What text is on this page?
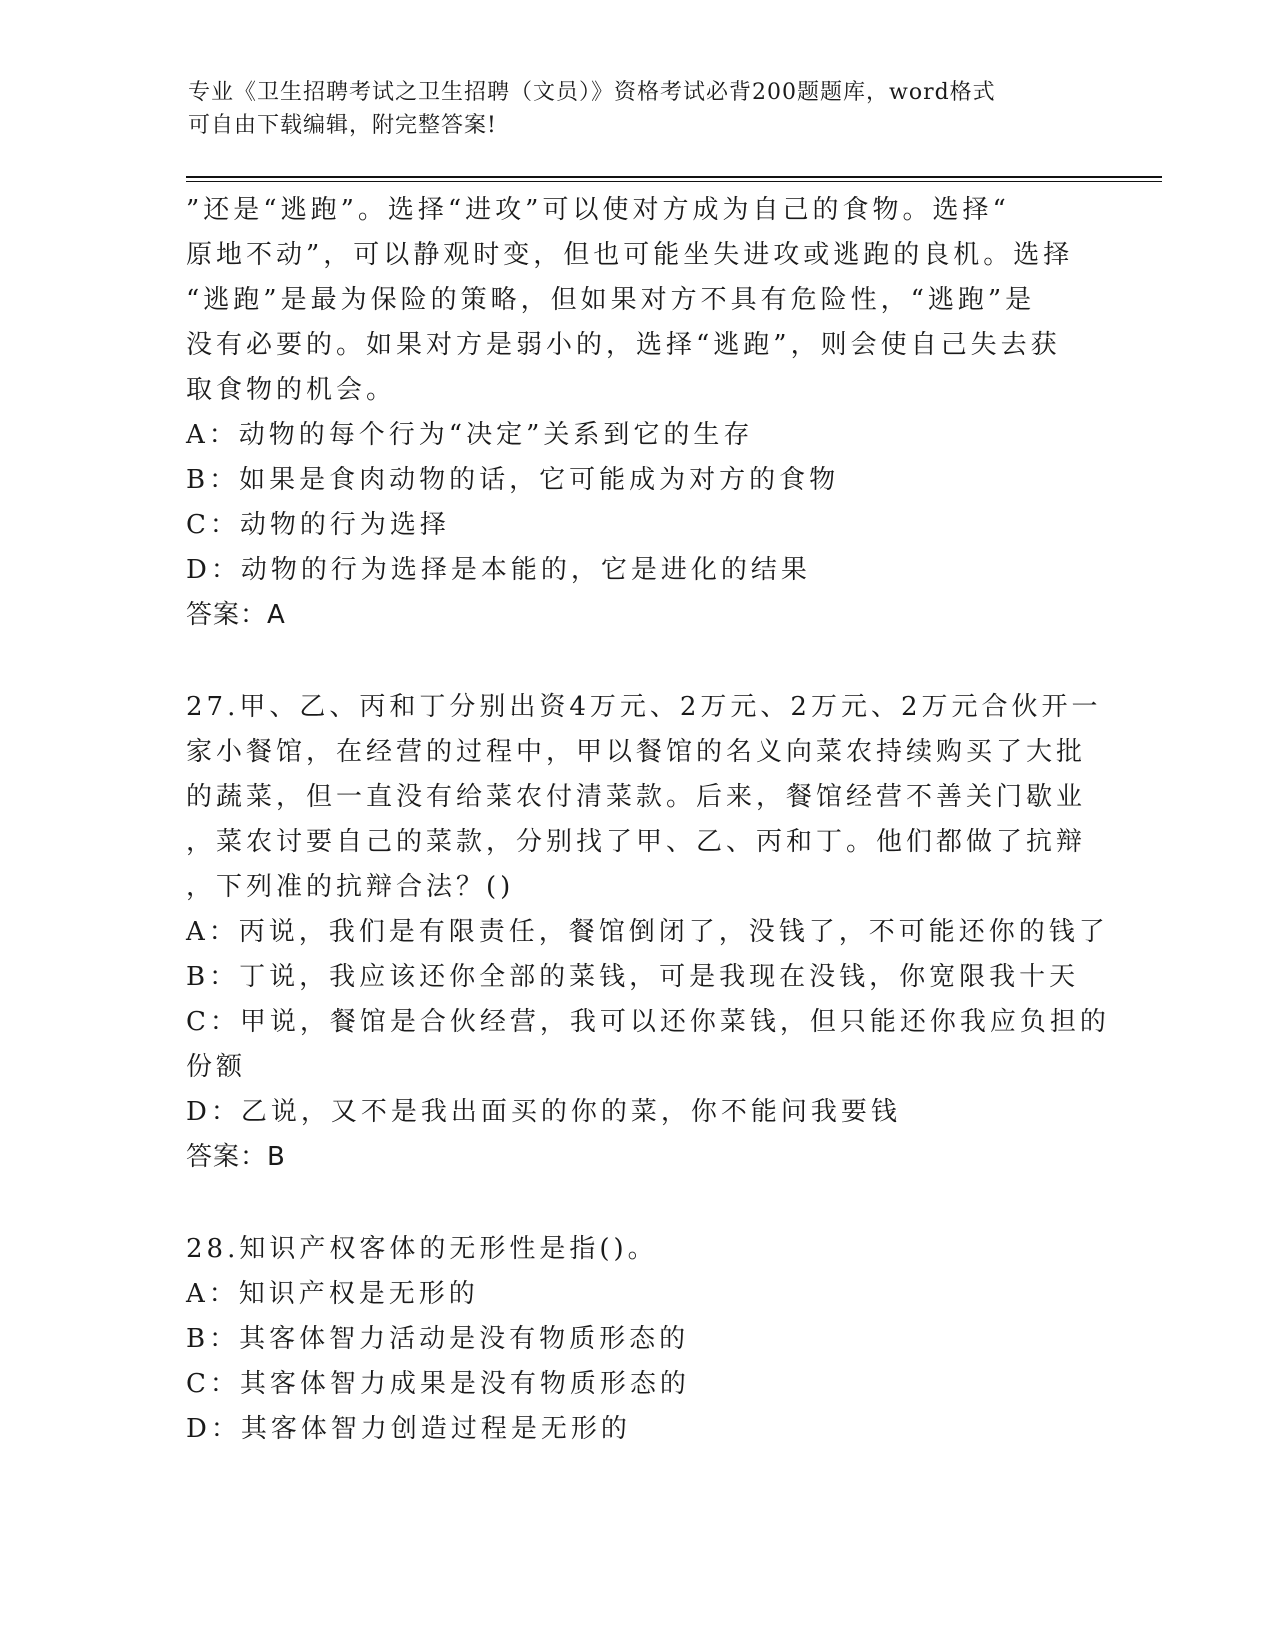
专业《卫生招聘考试之卫生招聘（文员）》资格考试必背200题题库，word格式
可自由下载编辑，附完整答案!
”还是“逃跑”。选择“进攻”可以使对方成为自己的食物。选择“
原地不动”，可以静观时变，但也可能坐失进攻或逃跑的良机。选择
“逃跑”是最为保险的策略，但如果对方不具有危险性，“逃跑”是
没有必要的。如果对方是弱小的，选择“逃跑”，则会使自己失去获
取食物的机会。
A：动物的每个行为“决定”关系到它的生存
B：如果是食肉动物的话，它可能成为对方的食物
C：动物的行为选择
D：动物的行为选择是本能的，它是进化的结果
答案：A
27.甲、乙、丙和丁分别出资4万元、2万元、2万元、2万元合伙开一
家小餐馆，在经营的过程中，甲以餐馆的名义向菜农持续购买了大批
的蔬菜，但一直没有给菜农付清菜款。后来，餐馆经营不善关门歇业
，菜农讨要自己的菜款，分别找了甲、乙、丙和丁。他们都做了抗辩
，下列准的抗辩合法？()
A：丙说，我们是有限责任，餐馆倒闭了，没钱了，不可能还你的钱了
B：丁说，我应该还你全部的菜钱，可是我现在没钱，你宽限我十天
C：甲说，餐馆是合伙经营，我可以还你菜钱，但只能还你我应负担的
份额
D：乙说，又不是我出面买的你的菜，你不能问我要钱
答案：B
28.知识产权客体的无形性是指()。
A：知识产权是无形的
B：其客体智力活动是没有物质形态的
C：其客体智力成果是没有物质形态的
D：其客体智力创造过程是无形的
